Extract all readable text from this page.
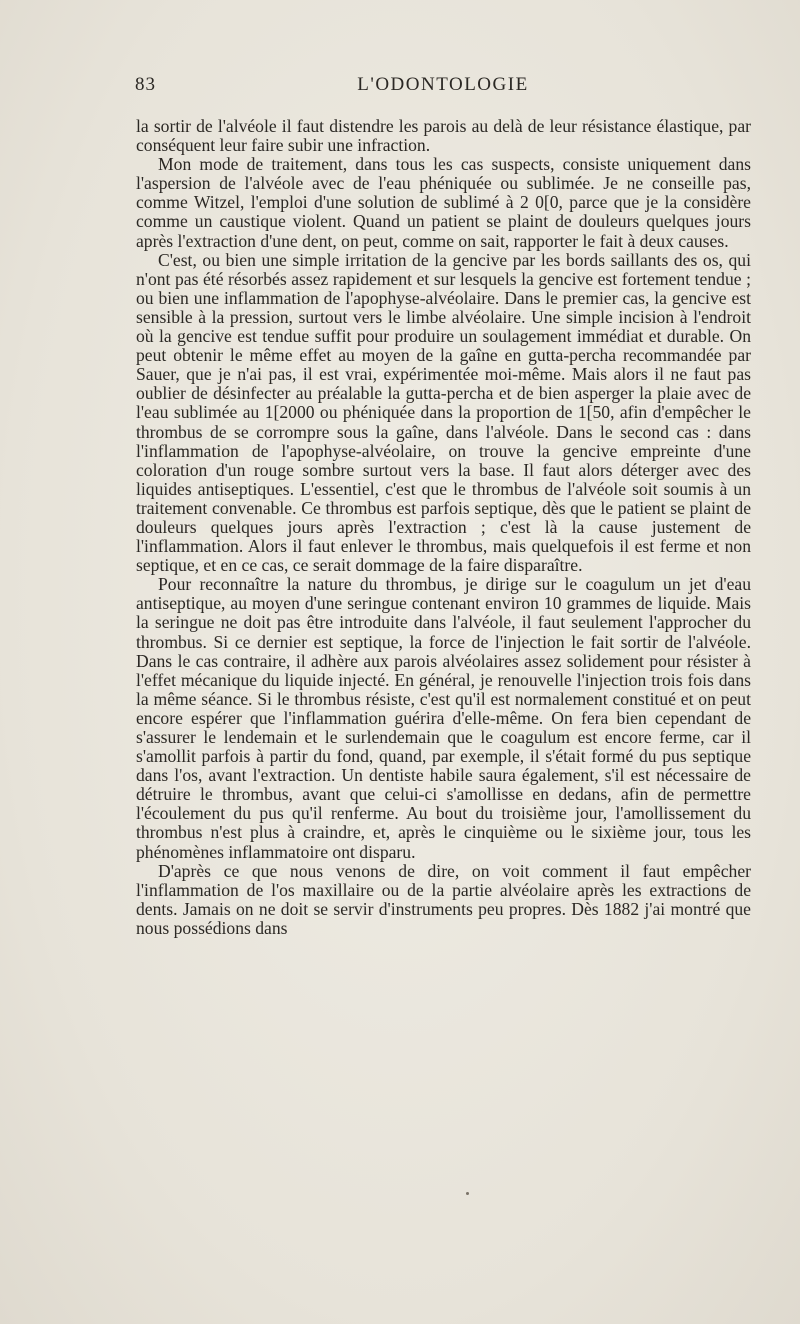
83	L'ODONTOLOGIE

la sortir de l'alvéole il faut distendre les parois au delà de leur résistance élastique, par conséquent leur faire subir une infraction.

Mon mode de traitement, dans tous les cas suspects, consiste uniquement dans l'aspersion de l'alvéole avec de l'eau phéniquée ou sublimée. Je ne conseille pas, comme Witzel, l'emploi d'une solution de sublimé à 2 0[0, parce que je la considère comme un caustique violent. Quand un patient se plaint de douleurs quelques jours après l'extraction d'une dent, on peut, comme on sait, rapporter le fait à deux causes.

C'est, ou bien une simple irritation de la gencive par les bords saillants des os, qui n'ont pas été résorbés assez rapidement et sur lesquels la gencive est fortement tendue ; ou bien une inflammation de l'apophyse-alvéolaire. Dans le premier cas, la gencive est sensible à la pression, surtout vers le limbe alvéolaire. Une simple incision à l'endroit où la gencive est tendue suffit pour produire un soulagement immédiat et durable. On peut obtenir le même effet au moyen de la gaîne en gutta-percha recommandée par Sauer, que je n'ai pas, il est vrai, expérimentée moi-même. Mais alors il ne faut pas oublier de désinfecter au préalable la gutta-percha et de bien asperger la plaie avec de l'eau sublimée au 1[2000 ou phéniquée dans la proportion de 1[50, afin d'empêcher le thrombus de se corrompre sous la gaîne, dans l'alvéole. Dans le second cas : dans l'inflammation de l'apophyse-alvéolaire, on trouve la gencive empreinte d'une coloration d'un rouge sombre surtout vers la base. Il faut alors déterger avec des liquides antiseptiques. L'essentiel, c'est que le thrombus de l'alvéole soit soumis à un traitement convenable. Ce thrombus est parfois septique, dès que le patient se plaint de douleurs quelques jours après l'extraction ; c'est là la cause justement de l'inflammation. Alors il faut enlever le thrombus, mais quelquefois il est ferme et non septique, et en ce cas, ce serait dommage de la faire disparaître.

Pour reconnaître la nature du thrombus, je dirige sur le coagulum un jet d'eau antiseptique, au moyen d'une seringue contenant environ 10 grammes de liquide. Mais la seringue ne doit pas être introduite dans l'alvéole, il faut seulement l'approcher du thrombus. Si ce dernier est septique, la force de l'injection le fait sortir de l'alvéole. Dans le cas contraire, il adhère aux parois alvéolaires assez solidement pour résister à l'effet mécanique du liquide injecté. En général, je renouvelle l'injection trois fois dans la même séance. Si le thrombus résiste, c'est qu'il est normalement constitué et on peut encore espérer que l'inflammation guérira d'elle-même. On fera bien cependant de s'assurer le lendemain et le surlendemain que le coagulum est encore ferme, car il s'amollit parfois à partir du fond, quand, par exemple, il s'était formé du pus septique dans l'os, avant l'extraction. Un dentiste habile saura également, s'il est nécessaire de détruire le thrombus, avant que celui-ci s'amollisse en dedans, afin de permettre l'écoulement du pus qu'il renferme. Au bout du troisième jour, l'amollissement du thrombus n'est plus à craindre, et, après le cinquième ou le sixième jour, tous les phénomènes inflammatoire ont disparu.

D'après ce que nous venons de dire, on voit comment il faut empêcher l'inflammation de l'os maxillaire ou de la partie alvéolaire après les extractions de dents. Jamais on ne doit se servir d'instruments peu propres. Dès 1882 j'ai montré que nous possédions dans
